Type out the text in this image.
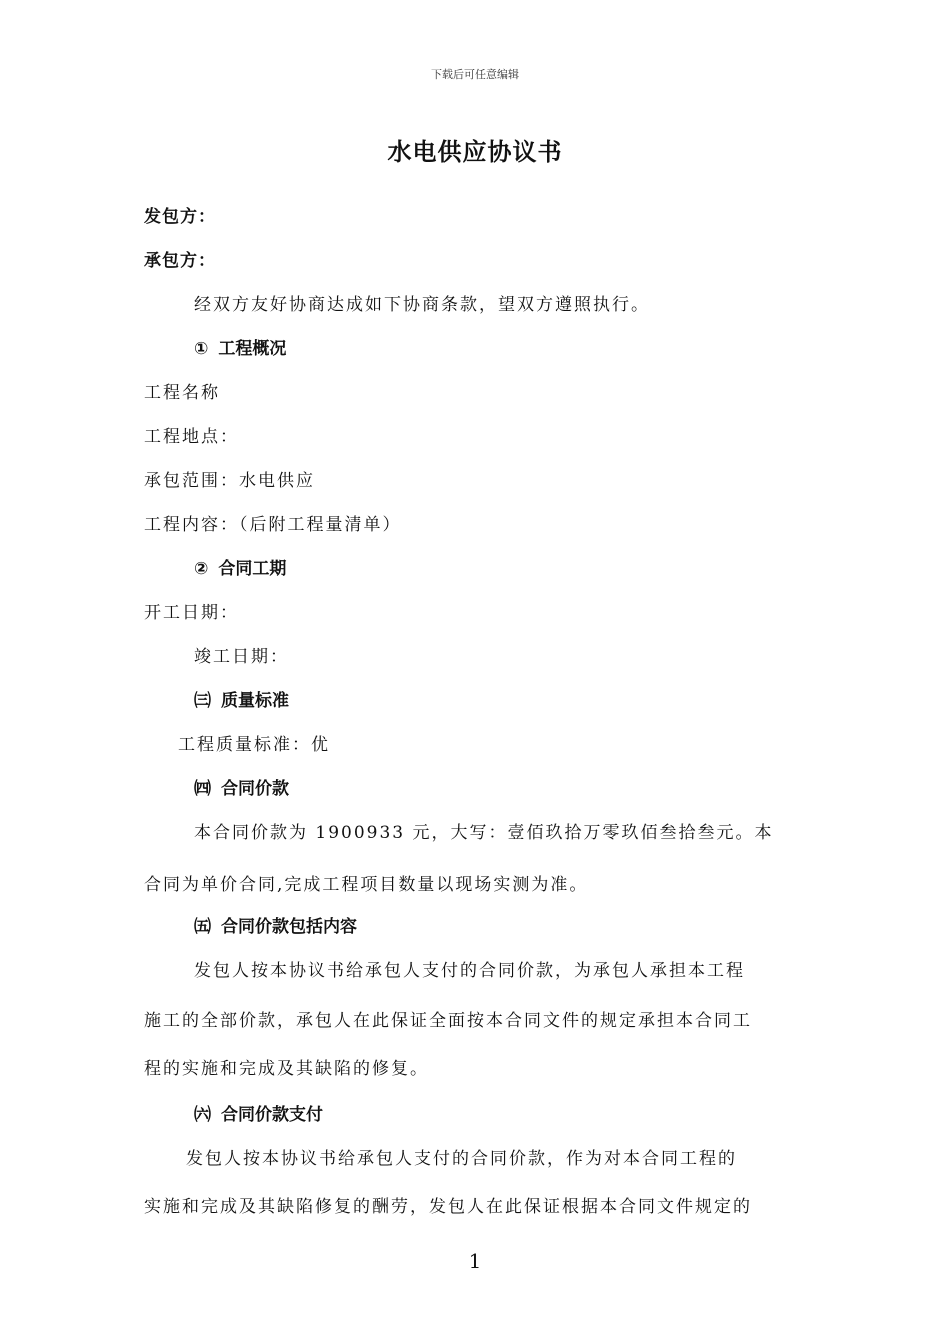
下载后可任意编辑
水电供应协议书
发包方：
承包方：
经双方友好协商达成如下协商条款，望双方遵照执行。
① 工程概况
工程名称
工程地点：
承包范围：水电供应
工程内容：（后附工程量清单）
② 合同工期
开工日期：
竣工日期：
㈢ 质量标准
工程质量标准：优
㈣ 合同价款
本合同价款为 1900933 元，大写：壹佰玖拾万零玖佰叁拾叁元。本
合同为单价合同,完成工程项目数量以现场实测为准。
㈤ 合同价款包括内容
发包人按本协议书给承包人支付的合同价款，为承包人承担本工程
施工的全部价款，承包人在此保证全面按本合同文件的规定承担本合同工
程的实施和完成及其缺陷的修复。
㈥ 合同价款支付
发包人按本协议书给承包人支付的合同价款，作为对本合同工程的
实施和完成及其缺陷修复的酬劳，发包人在此保证根据本合同文件规定的
1
